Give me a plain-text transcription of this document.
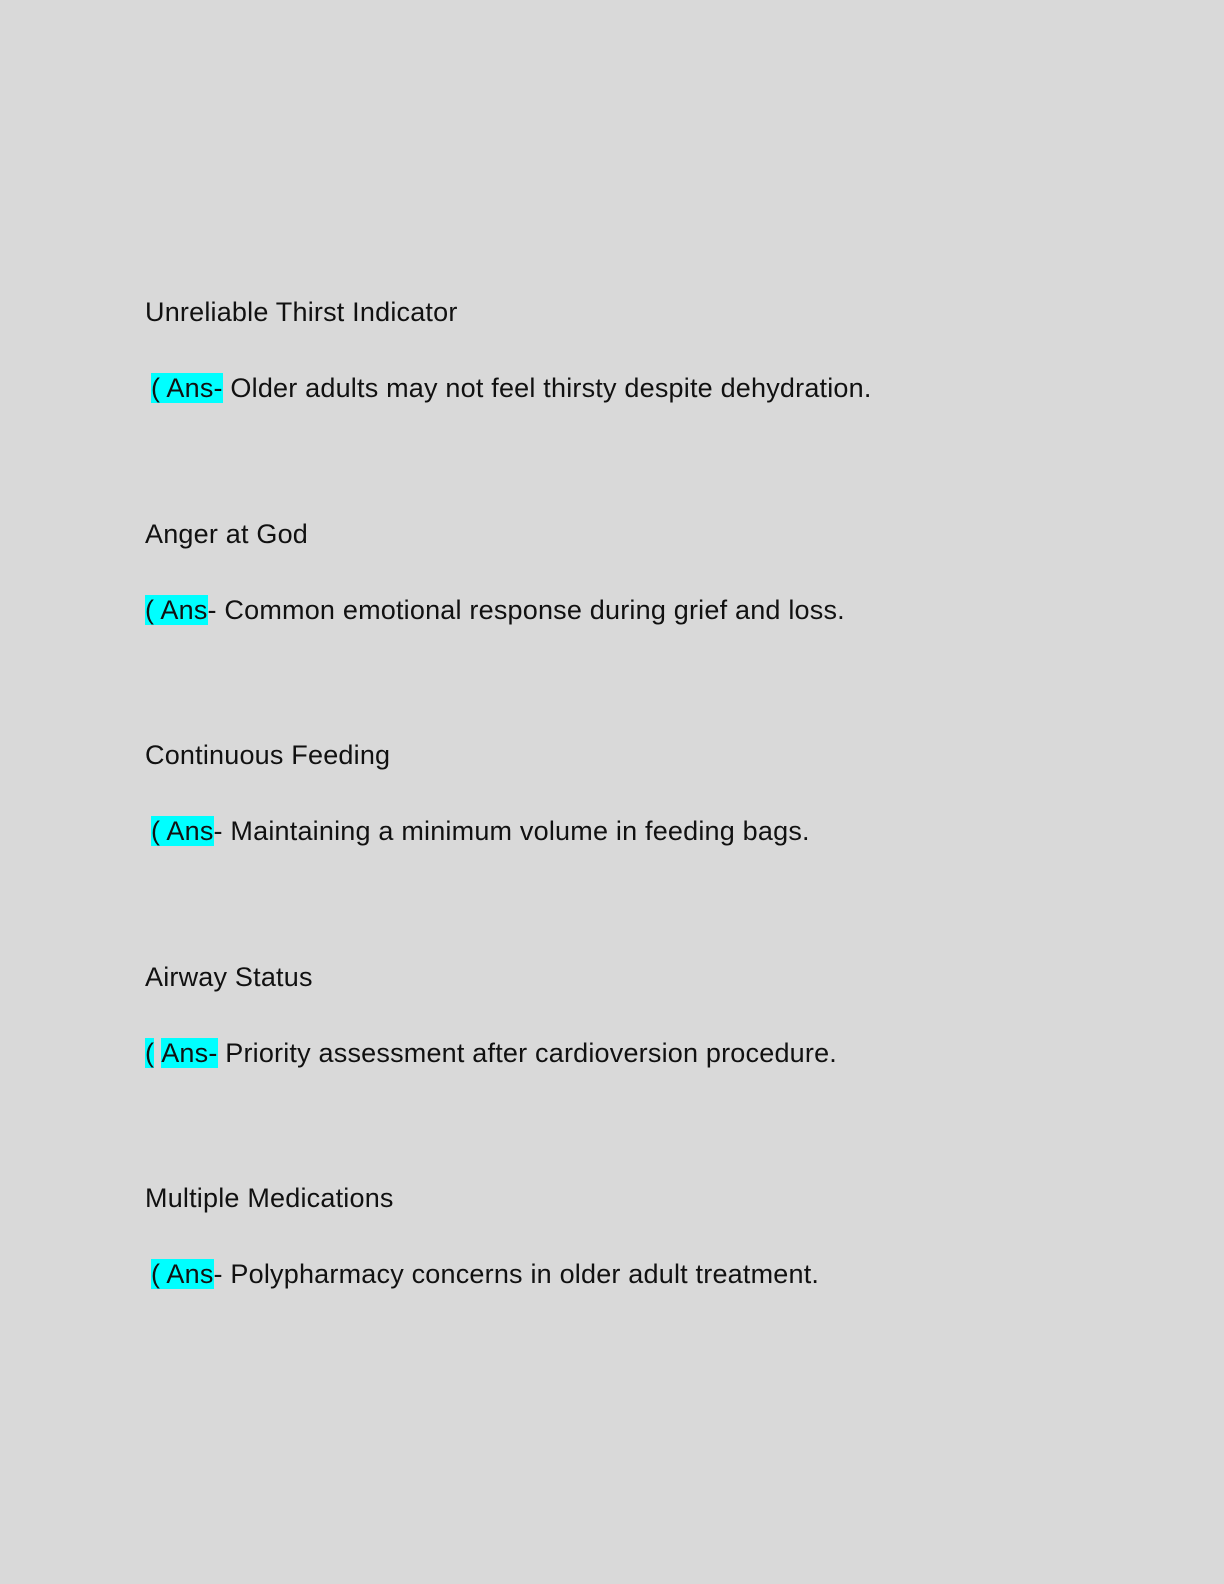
Unreliable Thirst Indicator
( Ans- Older adults may not feel thirsty despite dehydration.
Anger at God
( Ans- Common emotional response during grief and loss.
Continuous Feeding
( Ans- Maintaining a minimum volume in feeding bags.
Airway Status
( Ans- Priority assessment after cardioversion procedure.
Multiple Medications
( Ans- Polypharmacy concerns in older adult treatment.
